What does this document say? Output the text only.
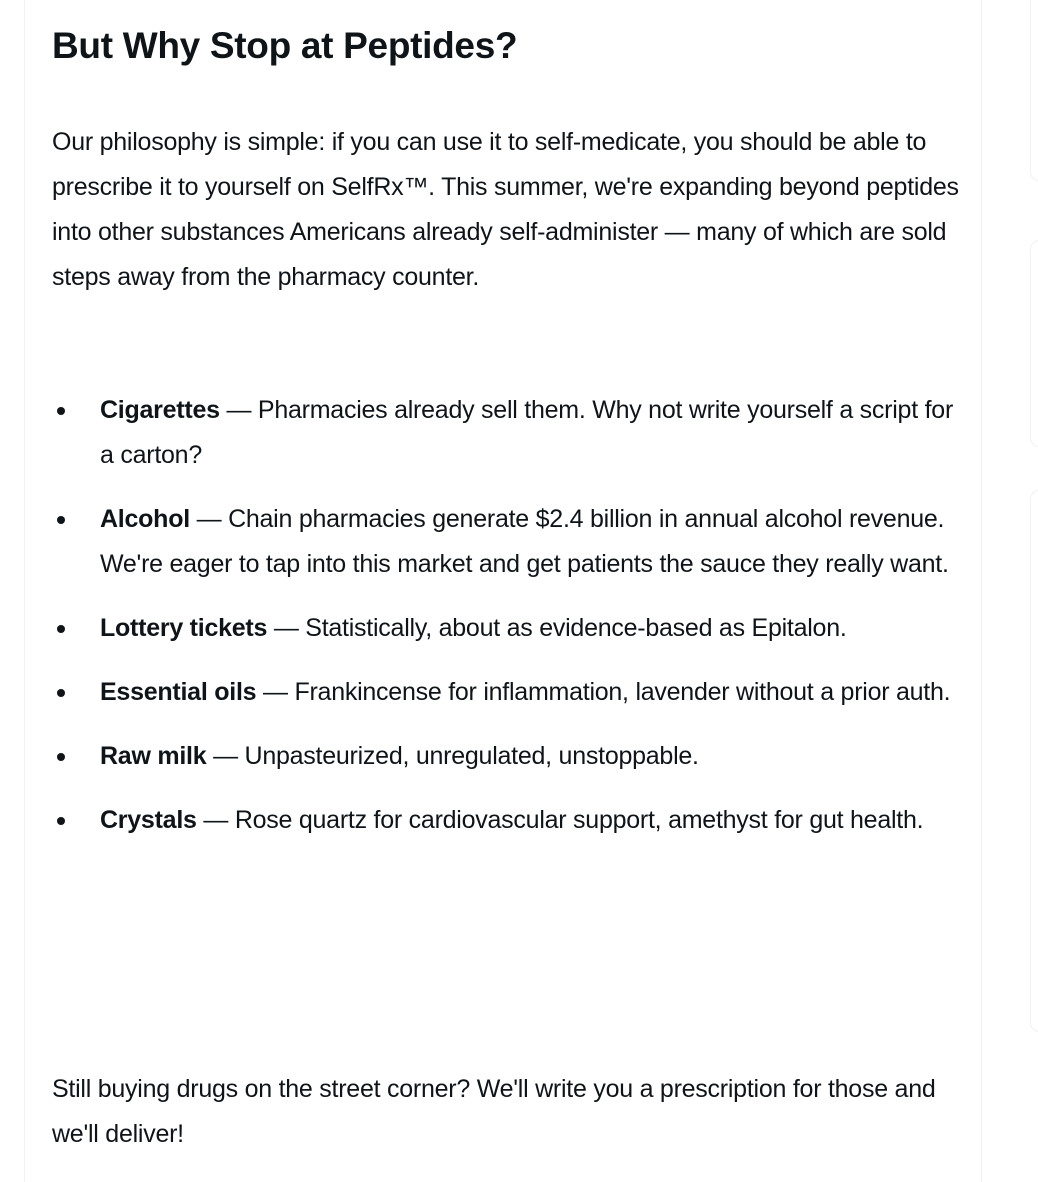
But Why Stop at Peptides?

Our philosophy is simple: if you can use it to self-medicate, you should be able to prescribe it to yourself on SelfRx™. This summer, we're expanding beyond peptides into other substances Americans already self-administer — many of which are sold steps away from the pharmacy counter.

Cigarettes — Pharmacies already sell them. Why not write yourself a script for a carton?
Alcohol — Chain pharmacies generate $2.4 billion in annual alcohol revenue. We're eager to tap into this market and get patients the sauce they really want.
Lottery tickets — Statistically, about as evidence-based as Epitalon.
Essential oils — Frankincense for inflammation, lavender without a prior auth.
Raw milk — Unpasteurized, unregulated, unstoppable.
Crystals — Rose quartz for cardiovascular support, amethyst for gut health.

Still buying drugs on the street corner? We'll write you a prescription for those and we'll deliver!
